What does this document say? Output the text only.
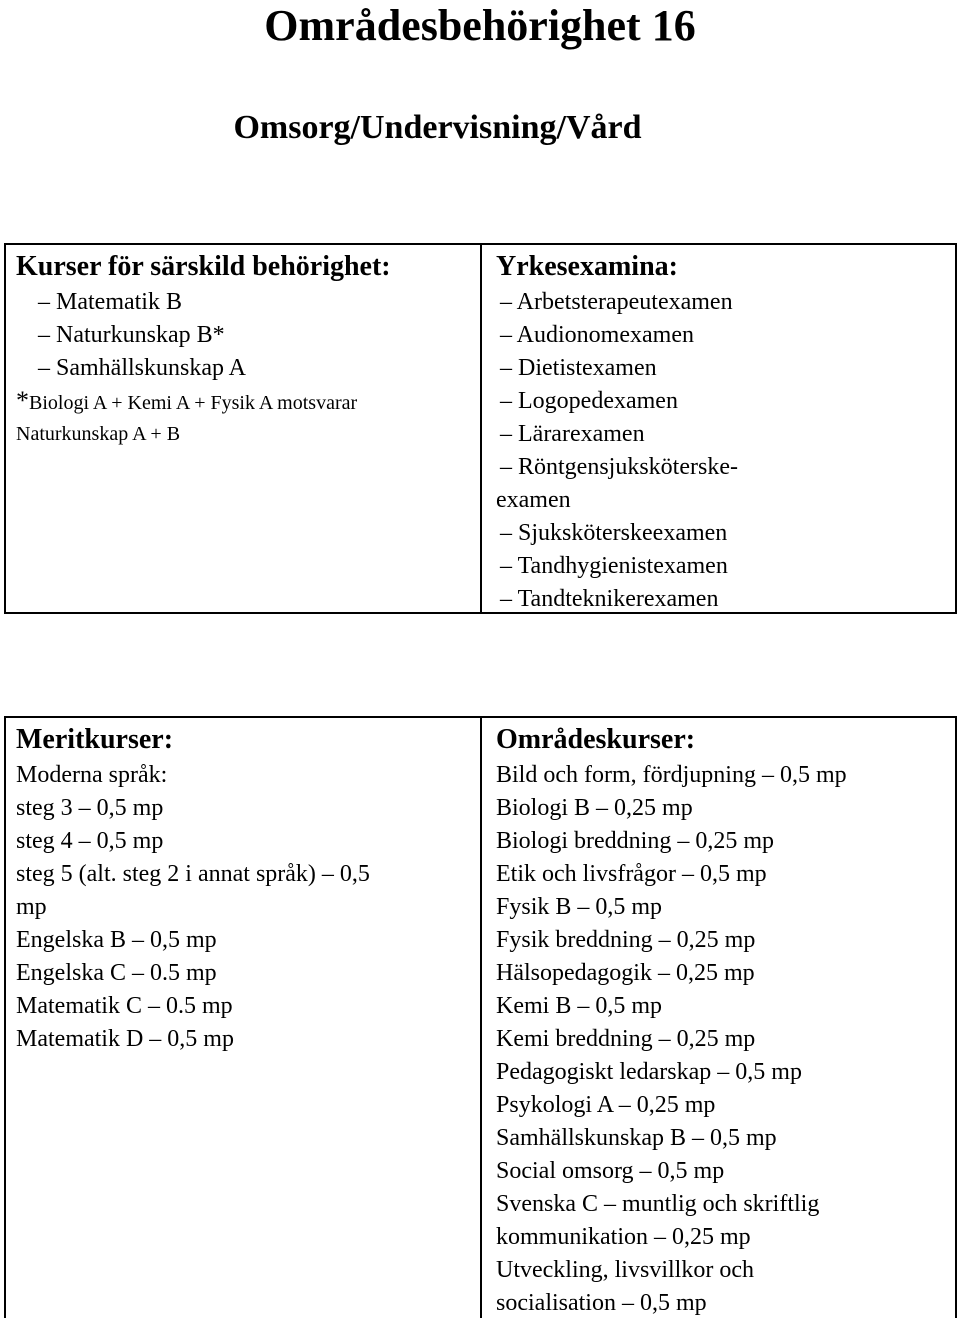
Områdesbehörighet 16
Omsorg/Undervisning/Vård
Kurser för särskild behörighet:
– Matematik B
– Naturkunskap B*
– Samhällskunskap A
*Biologi A + Kemi A + Fysik A motsvarar
Naturkunskap A + B
Yrkesexamina:
– Arbetsterapeutexamen
– Audionomexamen
– Dietistexamen
– Logopedexamen
– Lärarexamen
– Röntgensjuksköterske-
examen
– Sjuksköterskeexamen
– Tandhygienistexamen
– Tandteknikerexamen
Meritkurser:
Moderna språk:
steg 3 – 0,5 mp
steg 4 – 0,5 mp
steg 5 (alt. steg 2 i annat språk) – 0,5
mp
Engelska B – 0,5 mp
Engelska C – 0.5 mp
Matematik C – 0.5 mp
Matematik D – 0,5 mp
Områdeskurser:
Bild och form, fördjupning – 0,5 mp
Biologi B – 0,25 mp
Biologi breddning – 0,25 mp
Etik och livsfrågor – 0,5 mp
Fysik B – 0,5 mp
Fysik breddning – 0,25 mp
Hälsopedagogik – 0,25 mp
Kemi B – 0,5 mp
Kemi breddning – 0,25 mp
Pedagogiskt ledarskap – 0,5 mp
Psykologi A – 0,25 mp
Samhällskunskap B – 0,5 mp
Social omsorg – 0,5 mp
Svenska C – muntlig och skriftlig
kommunikation – 0,25 mp
Utveckling, livsvillkor och
socialisation – 0,5 mp
